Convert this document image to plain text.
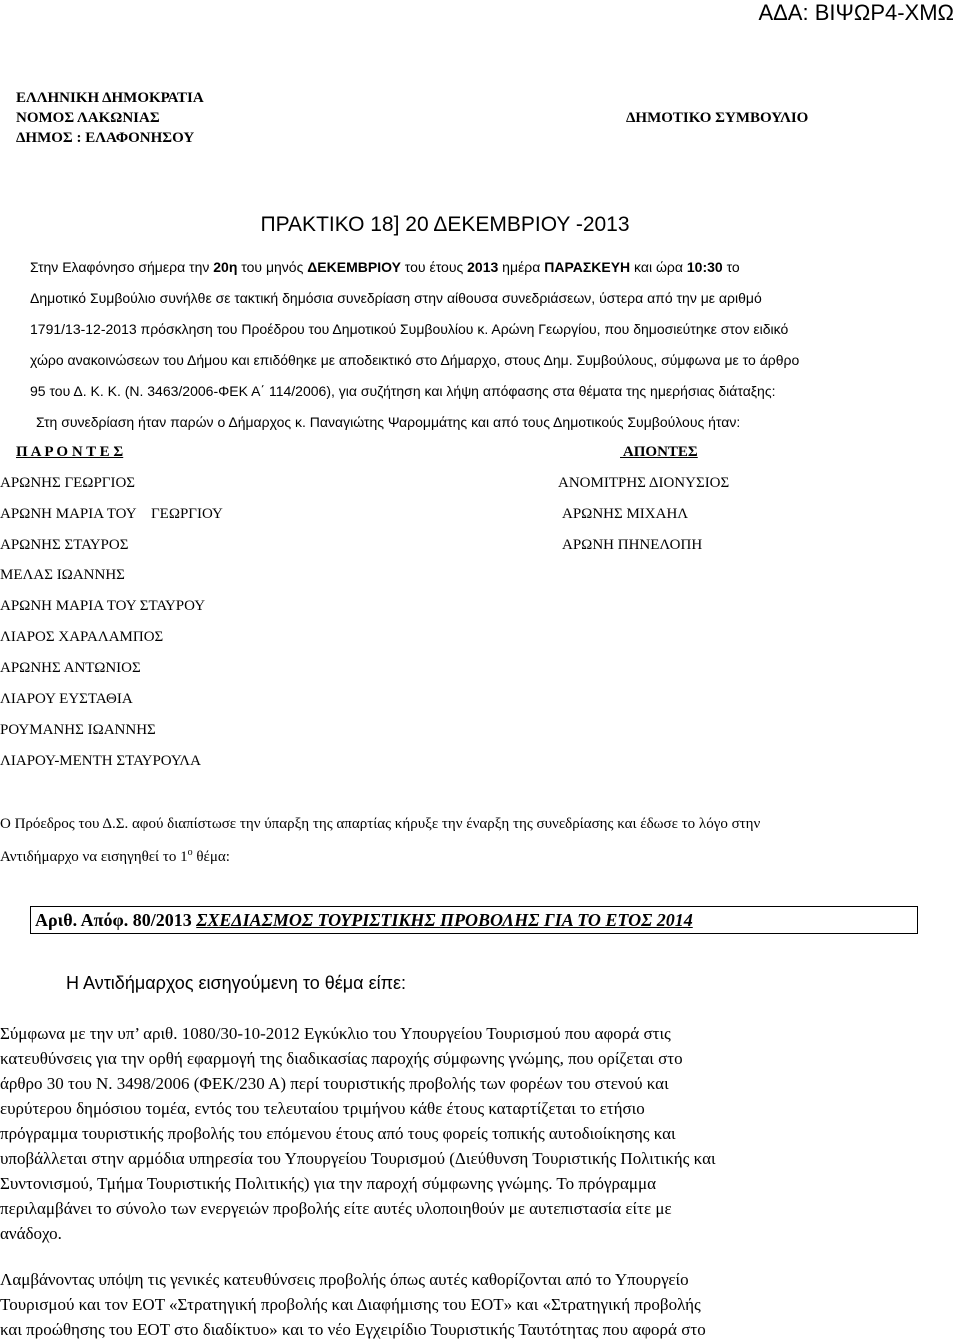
ΑΔΑ: ΒΙΨΩΡ4-ΧΜΩ
ΕΛΛΗΝΙΚΗ ΔΗΜΟΚΡΑΤΙΑ
ΝΟΜΟΣ ΛΑΚΩΝΙΑΣ
ΔΗΜΟΣ : ΕΛΑΦΟΝΗΣΟΥ
ΔΗΜΟΤΙΚΟ ΣΥΜΒΟΥΛΙΟ
ΠΡΑΚΤΙΚΟ 18] 20 ΔΕΚΕΜΒΡΙΟΥ -2013
Στην Ελαφόνησο σήμερα την 20η του μηνός ΔΕΚΕΜΒΡΙΟΥ του έτους 2013 ημέρα ΠΑΡΑΣΚΕΥΗ και ώρα 10:30 το
Δημοτικό Συμβούλιο συνήλθε σε τακτική δημόσια συνεδρίαση στην αίθουσα συνεδριάσεων, ύστερα από την με αριθμό
1791/13-12-2013 πρόσκληση του Προέδρου του Δημοτικού Συμβουλίου κ. Αρώνη Γεωργίου, που δημοσιεύτηκε στον ειδικό
χώρο ανακοινώσεων του Δήμου και επιδόθηκε με αποδεικτικό στο Δήμαρχο, στους Δημ. Συμβούλους, σύμφωνα με το άρθρο
95 του Δ. Κ. Κ. (Ν. 3463/2006-ΦΕΚ Α΄ 114/2006), για συζήτηση και λήψη απόφασης στα θέματα της ημερήσιας διάταξης:
Στη συνεδρίαση ήταν παρών ο Δήμαρχος κ. Παναγιώτης Ψαρομμάτης και από τους Δημοτικούς Συμβούλους ήταν:
Π Α Ρ Ο Ν Τ Ε Σ	ΑΠΟΝΤΕΣ
ΑΡΩΝΗΣ ΓΕΩΡΓΙΟΣ
ΑΡΩΝΗ ΜΑΡΙΑ ΤΟΥ    ΓΕΩΡΓΙΟΥ
ΑΡΩΝΗΣ ΣΤΑΥΡΟΣ
ΜΕΛΑΣ ΙΩΑΝΝΗΣ
ΑΡΩΝΗ ΜΑΡΙΑ ΤΟΥ ΣΤΑΥΡΟΥ
ΛΙΑΡΟΣ ΧΑΡΑΛΑΜΠΟΣ
ΑΡΩΝΗΣ ΑΝΤΩΝΙΟΣ
ΛΙΑΡΟΥ ΕΥΣΤΑΘΙΑ
ΡΟΥΜΑΝΗΣ ΙΩΑΝΝΗΣ
ΛΙΑΡΟΥ-ΜΕΝΤΗ ΣΤΑΥΡΟΥΛΑ
ΑΝΟΜΙΤΡΗΣ ΔΙΟΝΥΣΙΟΣ
ΑΡΩΝΗΣ ΜΙΧΑΗΛ
ΑΡΩΝΗ ΠΗΝΕΛΟΠΗ
Ο Πρόεδρος του Δ.Σ. αφού διαπίστωσε την ύπαρξη της απαρτίας κήρυξε την έναρξη της συνεδρίασης και έδωσε το λόγο στην
Αντιδήμαρχο να εισηγηθεί το $1^o$ θέμα:
Αριθ. Απόφ. 80/2013 ΣΧΕΔΙΑΣΜΟΣ ΤΟΥΡΙΣΤΙΚΗΣ ΠΡΟΒΟΛΗΣ ΓΙΑ ΤΟ ΕΤΟΣ 2014
Η Αντιδήμαρχος εισηγούμενη το θέμα είπε:
Σύμφωνα με την υπ’ αριθ. 1080/30-10-2012 Εγκύκλιο του Υπουργείου Τουρισμού που αφορά στις
κατευθύνσεις για την ορθή εφαρμογή της διαδικασίας παροχής σύμφωνης γνώμης, που ορίζεται στο
άρθρο 30 του Ν. 3498/2006 (ΦΕΚ/230 Α) περί τουριστικής προβολής των φορέων του στενού και
ευρύτερου δημόσιου τομέα, εντός του τελευταίου τριμήνου κάθε έτους καταρτίζεται το ετήσιο
πρόγραμμα τουριστικής προβολής του επόμενου έτους από τους φορείς τοπικής αυτοδιοίκησης και
υποβάλλεται στην αρμόδια υπηρεσία του Υπουργείου Τουρισμού (Διεύθυνση Τουριστικής Πολιτικής και
Συντονισμού, Τμήμα Τουριστικής Πολιτικής) για την παροχή σύμφωνης γνώμης. Το πρόγραμμα
περιλαμβάνει το σύνολο των ενεργειών προβολής είτε αυτές υλοποιηθούν με αυτεπιστασία είτε με
ανάδοχο.
Λαμβάνοντας υπόψη τις γενικές κατευθύνσεις προβολής όπως αυτές καθορίζονται από το Υπουργείο
Τουρισμού και τον ΕΟΤ «Στρατηγική προβολής και Διαφήμισης του ΕΟΤ» και «Στρατηγική προβολής
και προώθησης του ΕΟΤ στο διαδίκτυο» και το νέο Εγχειρίδιο Τουριστικής Ταυτότητας που αφορά στο
